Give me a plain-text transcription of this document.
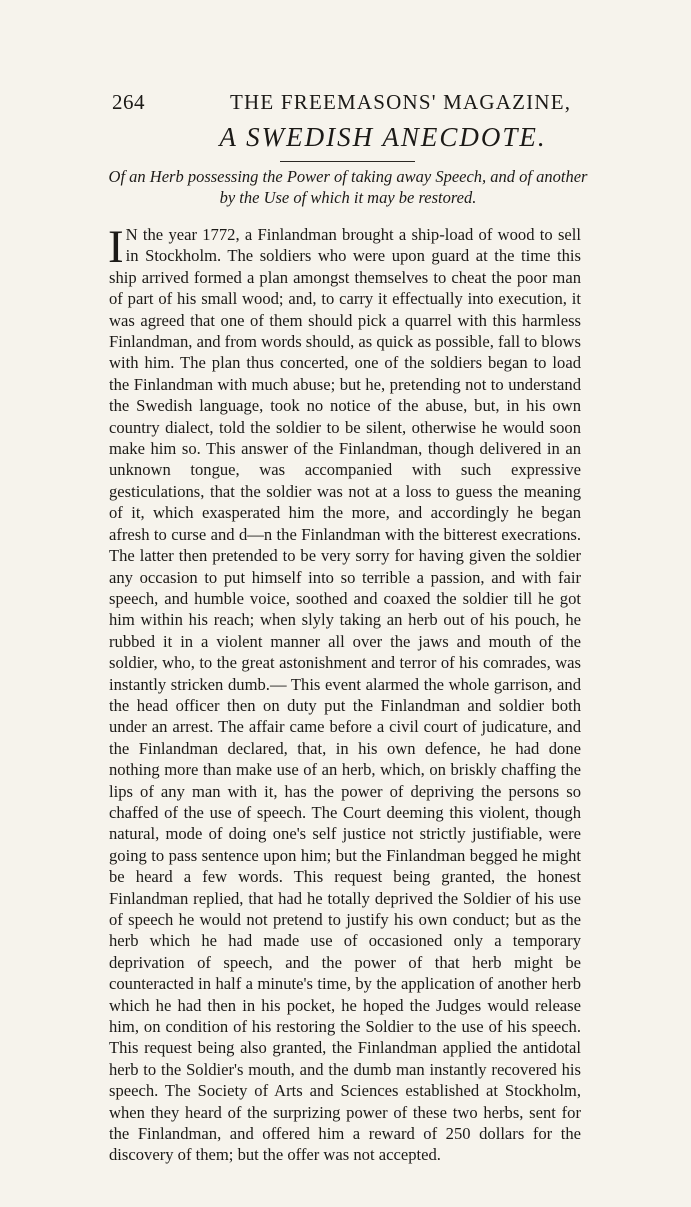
264	THE FREEMASONS' MAGAZINE,
A SWEDISH ANECDOTE.
Of an Herb possessing the Power of taking away Speech, and of another by the Use of which it may be restored.
I N the year 1772, a Finlandman brought a ship-load of wood to sell in Stockholm. The soldiers who were upon guard at the time this ship arrived formed a plan amongst themselves to cheat the poor man of part of his small wood; and, to carry it effectually into execution, it was agreed that one of them should pick a quarrel with this harmless Finlandman, and from words should, as quick as possible, fall to blows with him. The plan thus concerted, one of the soldiers began to load the Finlandman with much abuse; but he, pretending not to understand the Swedish language, took no notice of the abuse, but, in his own country dialect, told the soldier to be silent, otherwise he would soon make him so. This answer of the Finlandman, though delivered in an unknown tongue, was accompanied with such expressive gesticulations, that the soldier was not at a loss to guess the meaning of it, which exasperated him the more, and accordingly he began afresh to curse and d—n the Finlandman with the bitterest execrations. The latter then pretended to be very sorry for having given the soldier any occasion to put himself into so terrible a passion, and with fair speech, and humble voice, soothed and coaxed the soldier till he got him within his reach; when slyly taking an herb out of his pouch, he rubbed it in a violent manner all over the jaws and mouth of the soldier, who, to the great astonishment and terror of his comrades, was instantly stricken dumb.— This event alarmed the whole garrison, and the head officer then on duty put the Finlandman and soldier both under an arrest. The affair came before a civil court of judicature, and the Finlandman declared, that, in his own defence, he had done nothing more than make use of an herb, which, on briskly chaffing the lips of any man with it, has the power of depriving the persons so chaffed of the use of speech. The Court deeming this violent, though natural, mode of doing one's self justice not strictly justifiable, were going to pass sentence upon him; but the Finlandman begged he might be heard a few words. This request being granted, the honest Finlandman replied, that had he totally deprived the Soldier of his use of speech he would not pretend to justify his own conduct; but as the herb which he had made use of occasioned only a temporary deprivation of speech, and the power of that herb might be counteracted in half a minute's time, by the application of another herb which he had then in his pocket, he hoped the Judges would release him, on condition of his restoring the Soldier to the use of his speech. This request being also granted, the Finlandman applied the antidotal herb to the Soldier's mouth, and the dumb man instantly recovered his speech. The Society of Arts and Sciences established at Stockholm, when they heard of the surprizing power of these two herbs, sent for the Finlandman, and offered him a reward of 250 dollars for the discovery of them; but the offer was not accepted.
